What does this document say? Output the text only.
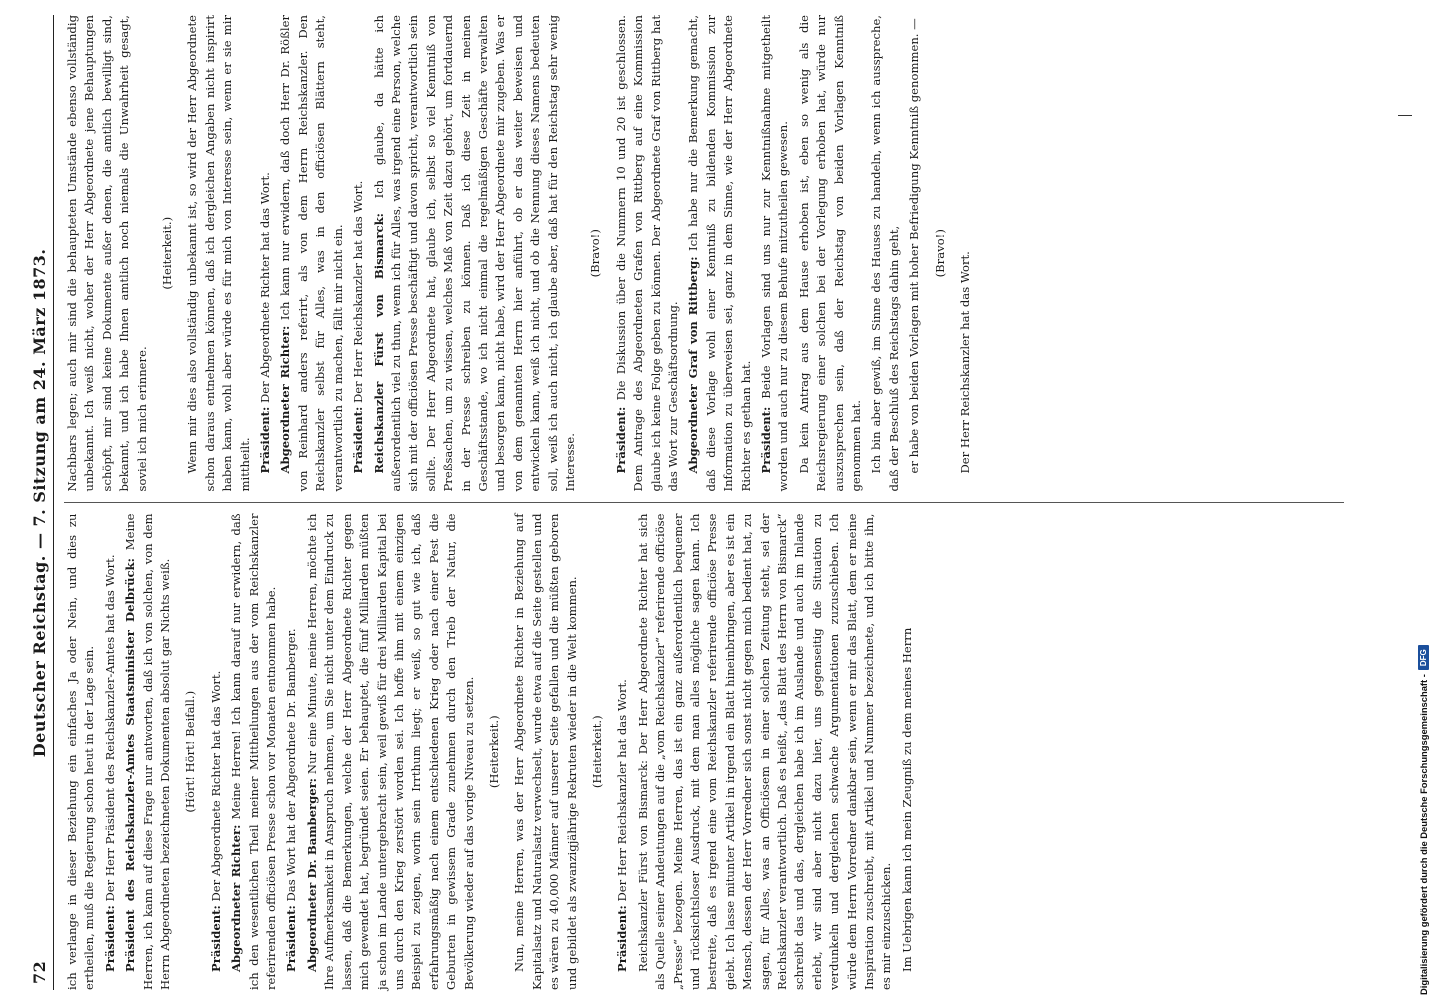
72
Deutscher Reichstag. — 7. Sitzung am 24. März 1873. ich verlange in dieser Beziehung ein einfaches Ja oder Nein, und dies zu ertheilen, muß die Regierung schon heut in der Lage sein. Präsident: Der Herr Präsident des Reichskanzler-Amtes hat das Wort. Präsident des Reichskanzler-Amtes Staatsminister Delbrück: Meine Herren, ich kann auf diese Frage nur antworten, daß ich von solchen, von dem Herrn Abgeordneten bezeichneten Dokumenten absolut gar Nichts weiß. (Hört! Hört! Beifall.)

Präsident: Der Abgeordnete Richter hat das Wort. Abgeordneter Richter: Meine Herren! Ich kann darauf nur erwidern, daß ich den wesentlichen Theil meiner Mittheilungen aus der vom Reichskanzler referirenden officiösen Presse schon vor Monaten entnommen habe. Präsident: Das Wort hat der Abgeordnete Dr. Bamberger. Abgeordneter Dr. Bamberger: Nur eine Minute, meine Herren, möchte ich Ihre Aufmerksamkeit in Anspruch nehmen, um Sie nicht unter dem Eindruck zu lassen, daß die Bemerkungen, welche der Herr Abgeordnete Richter gegen mich gewendet hat, begründet seien. Er behauptet, die fünf Milliarden müßten ja schon im Lande untergebracht sein, weil gewiß für drei Milliarden Kapital bei uns durch den Krieg zerstört worden sei. Ich hoffe ihm mit einem einzigen Beispiel zu zeigen, worin sein Irrthum liegt; er weiß, so gut wie ich, daß erfahrungsmäßig nach einem entschiedenen Krieg oder nach einer Pest die Geburten in gewissem Grade zunehmen durch den Trieb der Natur, die Bevölkerung wieder auf das vorige Niveau zu setzen. (Heiterkeit.) Nun, meine Herren, was der Herr Abgeordnete Richter in Beziehung auf Kapitalsatz und Naturalsatz verwechselt, wurde etwa auf die Seite gestellen und es wären zu 40,000 Männer auf unserer Seite gefallen und die müßten geboren und gebildet als zwanzigjährige Rekruten wieder in die Welt kommen. (Heiterkeit.)

Präsident: Der Herr Reichskanzler hat das Wort. Reichskanzler Fürst von Bismarck: Der Herr Abgeordnete Richter hat sich als Quelle seiner Andeutungen auf die „vom Reichskanzler“ referirende officiöse „Presse“ bezogen. Meine Herren, das ist ein ganz außerordentlich bequemer und rücksichtsloser Ausdruck, mit dem man alles mögliche sagen kann. Ich bestreite, daß es irgend eine vom Reichskanzler referirende officiöse Presse giebt. Ich lasse mitunter Artikel in irgend ein Blatt hineinbringen, aber es ist ein Mensch, dessen der Herr Vorredner sich sonst nicht gegen mich bedient hat, zu sagen, für Alles, was an Officiösem in einer solchen Zeitung steht, sei der Reichskanzler verantwortlich. Daß es heißt, „das Blatt des Herrn von Bismarck“ schreibt das und das, dergleichen habe ich im Auslande und auch im Inlande erlebt, wir sind aber nicht dazu hier, uns gegenseitig die Situation zu verdunkeln und dergleichen schwache Argumentationen zuzuschieben. Ich würde dem Herrn Vorredner dankbar sein, wenn er mir das Blatt, dem er meine Inspiration zuschreibt, mit Artikel und Nummer bezeichnete, und ich bitte ihn, es mir einzuschicken. Im Uebrigen kann ich mein Zeugniß zu dem meines Herrn

Nachbars legen; auch mir sind die behaupteten Umstände ebenso vollständig unbekannt. Ich weiß nicht, woher der Herr Abgeordnete jene Behauptungen schöpft, mir sind keine Dokumente außer denen, die amtlich bewilligt sind, bekannt, und ich habe Ihnen amtlich noch niemals die Unwahrheit gesagt, soviel ich mich erinnere.

(Heiterkeit.) Wenn mir dies also vollständig unbekannt ist, so wird der Herr Abgeordnete schon daraus entnehmen können, daß ich dergleichen Angaben nicht inspirirt haben kann, wohl aber würde es für mich von Interesse sein, wenn er sie mir mittheilt. Präsident: Der Abgeordnete Richter hat das Wort. Abgeordneter Richter: Ich kann nur erwidern, daß doch Herr Dr. Rößler von Reinhard anders referirt, als von dem Herrn Reichskanzler. Den Reichskanzler selbst für Alles, was in den officiösen Blättern steht, verantwortlich zu machen, fällt mir nicht ein. Präsident: Der Herr Reichskanzler hat das Wort. Reichskanzler Fürst von Bismarck: Ich glaube, da hätte ich außerordentlich viel zu thun, wenn ich für Alles, was irgend eine Person, welche sich mit der officiösen Presse beschäftigt und davon spricht, verantwortlich sein sollte. Der Herr Abgeordnete hat, glaube ich, selbst so viel Kenntniß von Preßsachen, um zu wissen, welches Maß von Zeit dazu gehört, um fortdauernd in der Presse schreiben zu können. Daß ich diese Zeit in meinen Geschäftsstande, wo ich nicht einmal die regelmäßigen Geschäfte verwalten und besorgen kann, nicht habe, wird der Herr Abgeordnete mir zugeben. Was er von dem genannten Herrn hier anführt, ob er das weiter beweisen und entwickeln kann, weiß ich nicht, und ob die Nennung dieses Namens bedeuten soll, weiß ich auch nicht, ich glaube aber, daß hat für den Reichstag sehr wenig Interesse.

(Bravo!)

Präsident: Die Diskussion über die Nummern 10 und 20 ist geschlossen. Dem Antrage des Abgeordneten Grafen von Rittberg auf eine Kommission glaube ich keine Folge geben zu können. Der Abgeordnete Graf von Rittberg hat das Wort zur Geschäftsordnung. Abgeordneter Graf von Rittberg: Ich habe nur die Bemerkung gemacht, daß diese Vorlage wohl einer Kenntniß zu bildenden Kommission zur Information zu überweisen sei, ganz in dem Sinne, wie der Herr Abgeordnete Richter es gethan hat. Präsident: Beide Vorlagen sind uns nur zur Kenntnißnahme mitgetheilt worden und auch nur zu diesem Behufe mitzutheilen gewesen. Da kein Antrag aus dem Hause erhoben ist, eben so wenig als die Reichsregierung einer solchen bei der Vorlegung erhoben hat, würde nur auszusprechen sein, daß der Reichstag von beiden Vorlagen Kenntniß genommen hat. Ich bin aber gewiß, im Sinne des Hauses zu handeln, wenn ich ausspreche, daß der Beschluß des Reichstags dahin geht, er habe von beiden Vorlagen mit hoher Befriedigung Kenntniß genommen. — (Bravo!) Der Herr Reichskanzler hat das Wort.

Digitalisierung gefördert durch die Deutsche Forschungsgemeinschaft -
DFG
